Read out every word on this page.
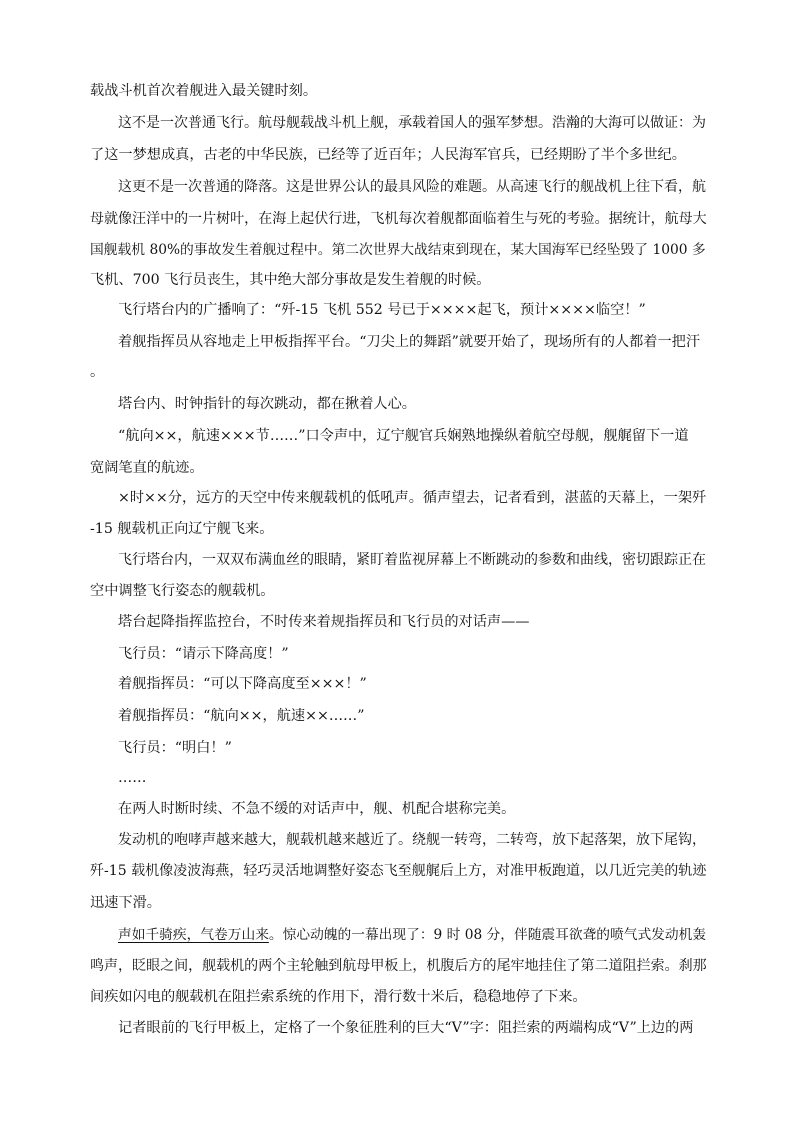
载战斗机首次着舰进入最关键时刻。
这不是一次普通飞行。航母舰载战斗机上舰，承载着国人的强军梦想。浩瀚的大海可以做证：为
了这一梦想成真，古老的中华民族，已经等了近百年；人民海军官兵，已经期盼了半个多世纪。
这更不是一次普通的降落。这是世界公认的最具风险的难题。从高速飞行的舰战机上往下看，航
母就像汪洋中的一片树叶，在海上起伏行进，飞机每次着舰都面临着生与死的考验。据统计，航母大
国舰载机 80%的事故发生着舰过程中。第二次世界大战结束到现在，某大国海军已经坠毁了 1000 多
飞机、700 飞行员丧生，其中绝大部分事故是发生着舰的时候。
飞行塔台内的广播响了：“歼-15 飞机 552 号已于××××起飞，预计××××临空！”
着舰指挥员从容地走上甲板指挥平台。“刀尖上的舞蹈”就要开始了，现场所有的人都着一把汗
。
塔台内、时钟指针的每次跳动，都在揪着人心。
“航向××，航速×××节……”口令声中，辽宁舰官兵娴熟地操纵着航空母舰，舰艉留下一道
宽阔笔直的航迹。
×时××分，远方的天空中传来舰载机的低吼声。循声望去，记者看到，湛蓝的天幕上，一架歼
-15 舰载机正向辽宁舰飞来。
飞行塔台内，一双双布满血丝的眼睛，紧盯着监视屏幕上不断跳动的参数和曲线，密切跟踪正在
空中调整飞行姿态的舰载机。
塔台起降指挥监控台，不时传来着规指挥员和飞行员的对话声——
飞行员：“请示下降高度！”
着舰指挥员：“可以下降高度至×××！”
着舰指挥员：“航向××，航速××……”
飞行员：“明白！”
……
在两人时断时续、不急不缓的对话声中，舰、机配合堪称完美。
发动机的咆哮声越来越大，舰载机越来越近了。绕舰一转弯，二转弯，放下起落架，放下尾钩，
歼-15 载机像凌波海燕，轻巧灵活地调整好姿态飞至舰艉后上方，对准甲板跑道，以几近完美的轨迹
迅速下滑。
声如千骑疾，气卷万山来。惊心动魄的一幕出现了：9 时 08 分，伴随震耳欲聋的喷气式发动机轰
鸣声，眨眼之间，舰载机的两个主轮触到航母甲板上，机腹后方的尾牢地挂住了第二道阻拦索。刹那
间疾如闪电的舰载机在阻拦索系统的作用下，滑行数十米后，稳稳地停了下来。
记者眼前的飞行甲板上，定格了一个象征胜利的巨大“V”字：阻拦索的两端构成“V”上边的两
